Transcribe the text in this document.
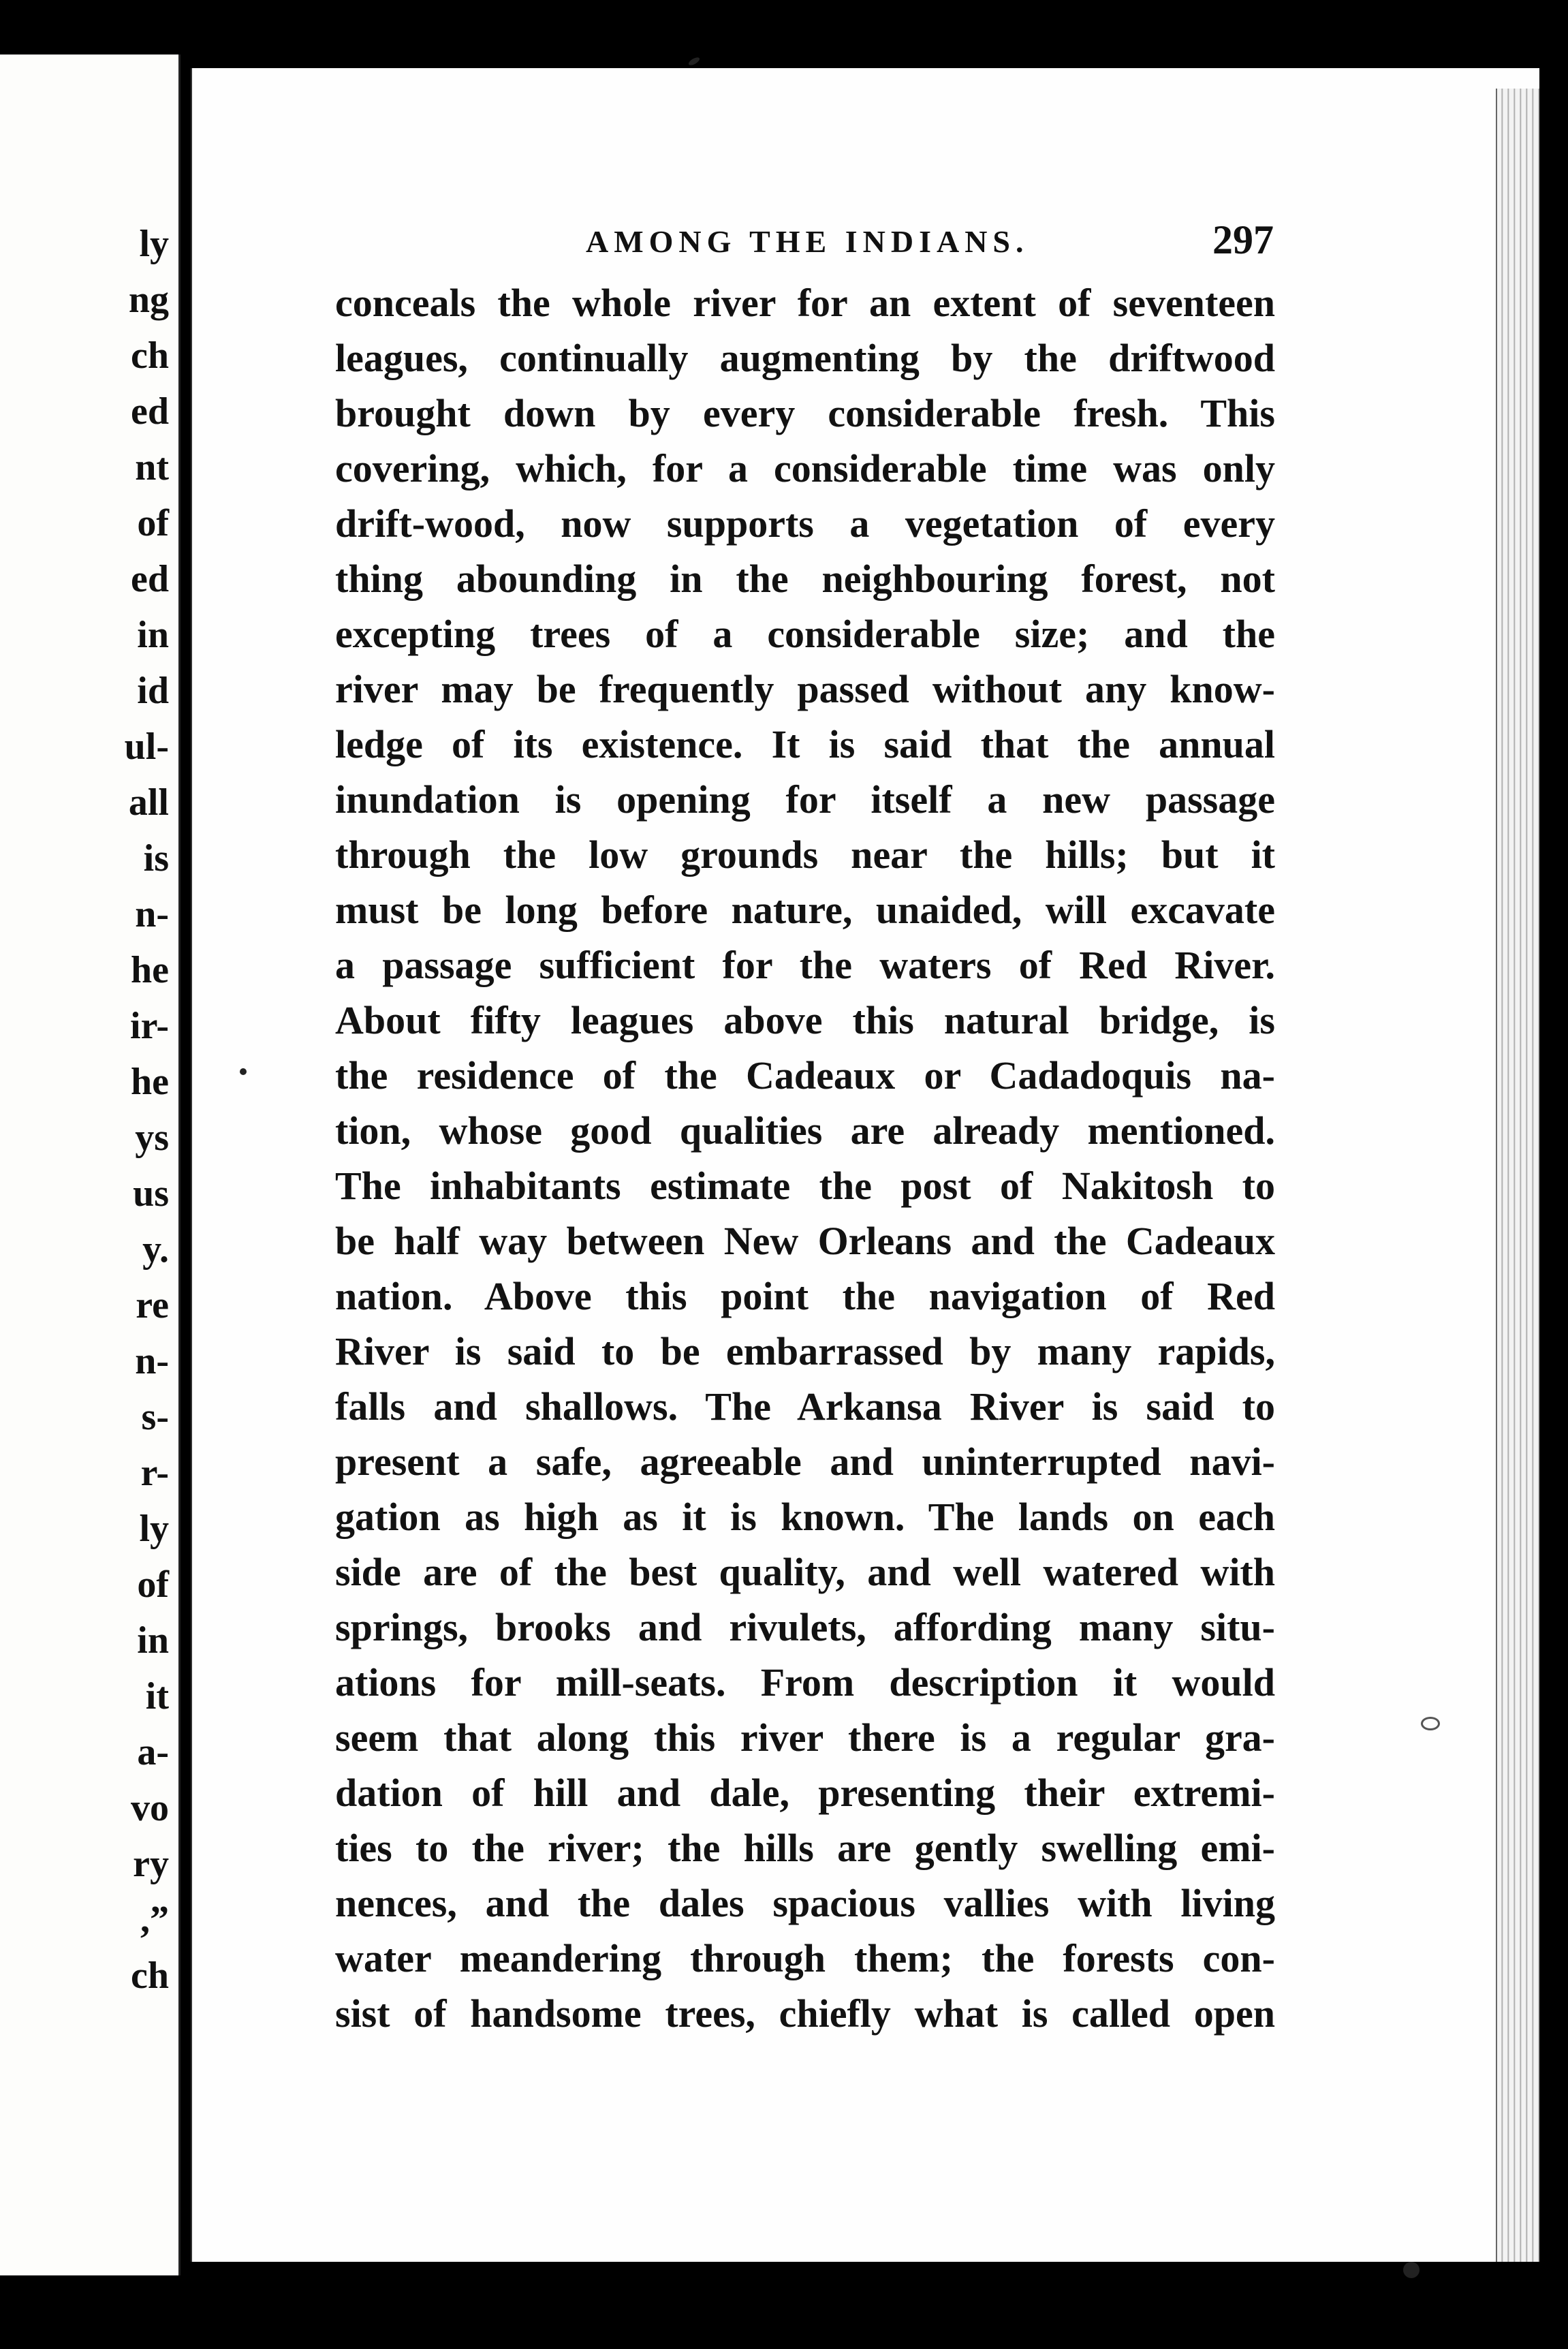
ly
ng
ch
ed
nt
of
ed
in
id
ul-
all
is
n-
he
ir-
he
ys
us
y.
re
n-
s-
r-
ly
of
in
it
a-
vo
ry
,”
ch
AMONG THE INDIANS.	297
conceals the whole river for an extent of seventeen
leagues, continually augmenting by the driftwood
brought down by every considerable fresh. This
covering, which, for a considerable time was only
drift-wood, now supports a vegetation of every
thing abounding in the neighbouring forest, not
excepting trees of a considerable size; and the
river may be frequently passed without any know-
ledge of its existence. It is said that the annual
inundation is opening for itself a new passage
through the low grounds near the hills; but it
must be long before nature, unaided, will excavate
a passage sufficient for the waters of Red River.
About fifty leagues above this natural bridge, is
the residence of the Cadeaux or Cadadoquis na-
tion, whose good qualities are already mentioned.
The inhabitants estimate the post of Nakitosh to
be half way between New Orleans and the Cadeaux
nation. Above this point the navigation of Red
River is said to be embarrassed by many rapids,
falls and shallows. The Arkansa River is said to
present a safe, agreeable and uninterrupted navi-
gation as high as it is known. The lands on each
side are of the best quality, and well watered with
springs, brooks and rivulets, affording many situ-
ations for mill-seats. From description it would
seem that along this river there is a regular gra-
dation of hill and dale, presenting their extremi-
ties to the river; the hills are gently swelling emi-
nences, and the dales spacious vallies with living
water meandering through them; the forests con-
sist of handsome trees, chiefly what is called open
